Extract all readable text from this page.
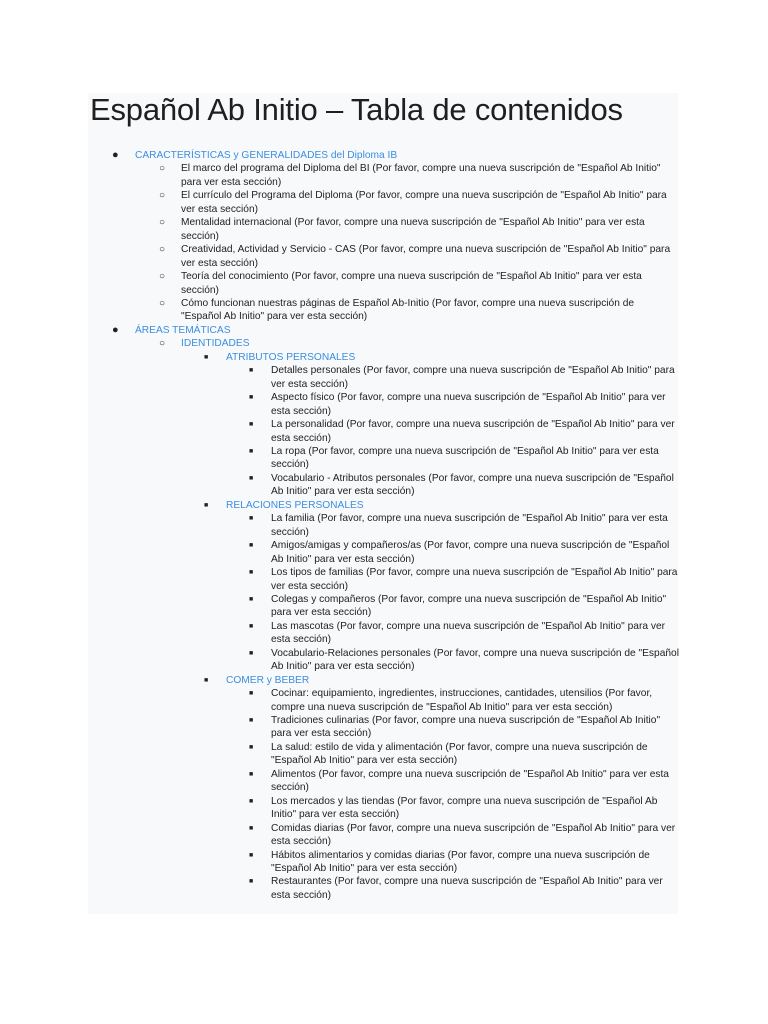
Español Ab Initio – Tabla de contenidos
● CARACTERÍSTICAS y GENERALIDADES del Diploma IB
○ El marco del programa del Diploma del BI (Por favor, compre una nueva suscripción de "Español Ab Initio" para ver esta sección)
○ El currículo del Programa del Diploma (Por favor, compre una nueva suscripción de "Español Ab Initio" para ver esta sección)
○ Mentalidad internacional (Por favor, compre una nueva suscripción de "Español Ab Initio" para ver esta sección)
○ Creatividad, Actividad y Servicio - CAS (Por favor, compre una nueva suscripción de "Español Ab Initio" para ver esta sección)
○ Teoría del conocimiento (Por favor, compre una nueva suscripción de "Español Ab Initio" para ver esta sección)
○ Cómo funcionan nuestras páginas de Español Ab-Initio (Por favor, compre una nueva suscripción de "Español Ab Initio" para ver esta sección)
● ÁREAS TEMÁTICAS
○ IDENTIDADES
■ ATRIBUTOS PERSONALES
■ Detalles personales (Por favor, compre una nueva suscripción de "Español Ab Initio" para ver esta sección)
■ Aspecto físico (Por favor, compre una nueva suscripción de "Español Ab Initio" para ver esta sección)
■ La personalidad (Por favor, compre una nueva suscripción de "Español Ab Initio" para ver esta sección)
■ La ropa (Por favor, compre una nueva suscripción de "Español Ab Initio" para ver esta sección)
■ Vocabulario - Atributos personales (Por favor, compre una nueva suscripción de "Español Ab Initio" para ver esta sección)
■ RELACIONES PERSONALES
■ La familia (Por favor, compre una nueva suscripción de "Español Ab Initio" para ver esta sección)
■ Amigos/amigas y compañeros/as (Por favor, compre una nueva suscripción de "Español Ab Initio" para ver esta sección)
■ Los tipos de familias (Por favor, compre una nueva suscripción de "Español Ab Initio" para ver esta sección)
■ Colegas y compañeros (Por favor, compre una nueva suscripción de "Español Ab Initio" para ver esta sección)
■ Las mascotas (Por favor, compre una nueva suscripción de "Español Ab Initio" para ver esta sección)
■ Vocabulario-Relaciones personales (Por favor, compre una nueva suscripción de "Español Ab Initio" para ver esta sección)
■ COMER y BEBER
■ Cocinar: equipamiento, ingredientes, instrucciones, cantidades, utensilios (Por favor, compre una nueva suscripción de "Español Ab Initio" para ver esta sección)
■ Tradiciones culinarias (Por favor, compre una nueva suscripción de "Español Ab Initio" para ver esta sección)
■ La salud: estilo de vida y alimentación (Por favor, compre una nueva suscripción de "Español Ab Initio" para ver esta sección)
■ Alimentos (Por favor, compre una nueva suscripción de "Español Ab Initio" para ver esta sección)
■ Los mercados y las tiendas (Por favor, compre una nueva suscripción de "Español Ab Initio" para ver esta sección)
■ Comidas diarias (Por favor, compre una nueva suscripción de "Español Ab Initio" para ver esta sección)
■ Hábitos alimentarios y comidas diarias (Por favor, compre una nueva suscripción de "Español Ab Initio" para ver esta sección)
■ Restaurantes (Por favor, compre una nueva suscripción de "Español Ab Initio" para ver esta sección)
